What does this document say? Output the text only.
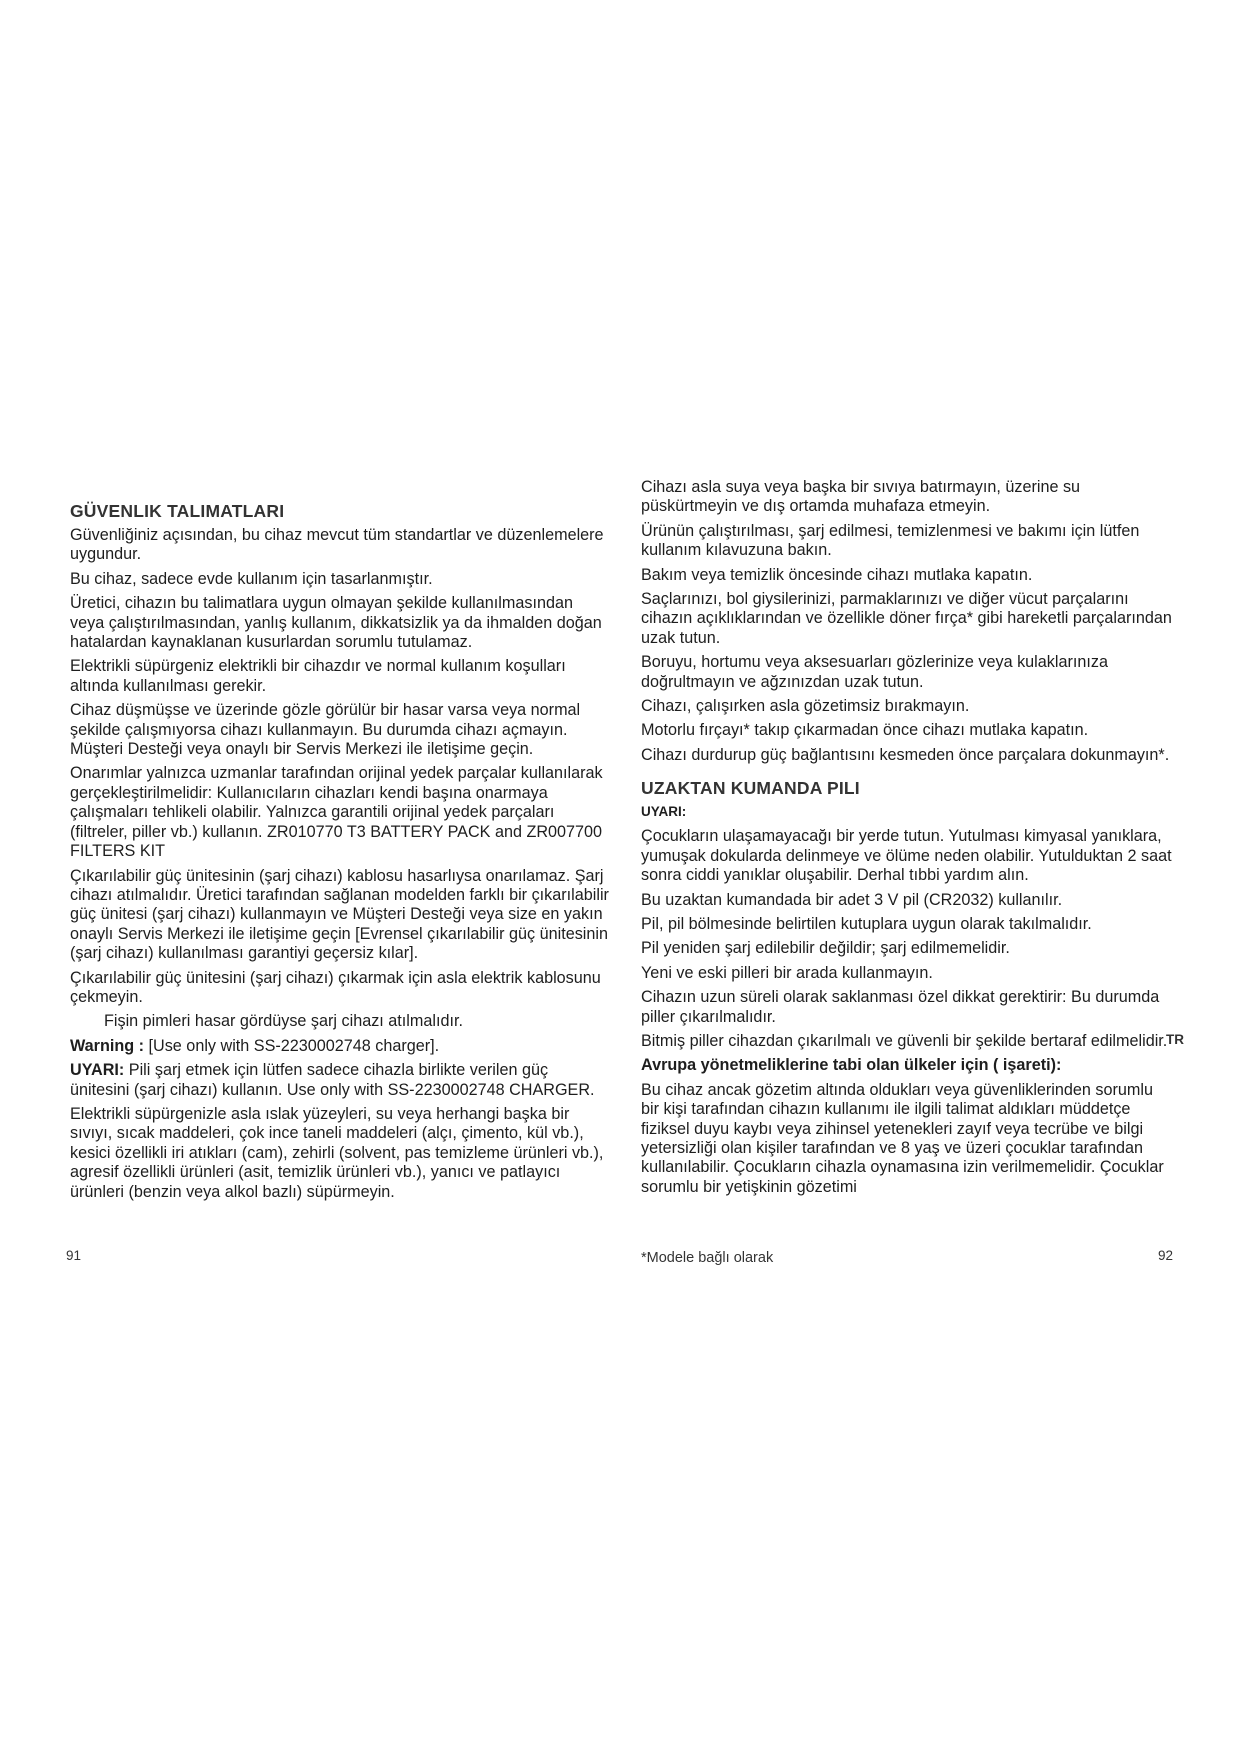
GÜVENLIK TALIMATLARI

Güvenliğiniz açısından, bu cihaz mevcut tüm standartlar ve düzenlemelere uygundur.

Bu cihaz, sadece evde kullanım için tasarlanmıştır.

Üretici, cihazın bu talimatlara uygun olmayan şekilde kullanılmasından veya çalıştırılmasından, yanlış kullanım, dikkatsizlik ya da ihmalden doğan hatalardan kaynaklanan kusurlardan sorumlu tutulamaz.

Elektrikli süpürgeniz elektrikli bir cihazdır ve normal kullanım koşulları altında kullanılması gerekir.

Cihaz düşmüşse ve üzerinde gözle görülür bir hasar varsa veya normal şekilde çalışmıyorsa cihazı kullanmayın. Bu durumda cihazı açmayın. Müşteri Desteği veya onaylı bir Servis Merkezi ile iletişime geçin.

Onarımlar yalnızca uzmanlar tarafından orijinal yedek parçalar kullanılarak gerçekleştirilmelidir: Kullanıcıların cihazları kendi başına onarmaya çalışmaları tehlikeli olabilir. Yalnızca garantili orijinal yedek parçaları (filtreler, piller vb.) kullanın. ZR010770 T3 BATTERY PACK and ZR007700 FILTERS KIT

Çıkarılabilir güç ünitesinin (şarj cihazı) kablosu hasarlıysa onarılamaz. Şarj cihazı atılmalıdır. Üretici tarafından sağlanan modelden farklı bir çıkarılabilir güç ünitesi (şarj cihazı) kullanmayın ve Müşteri Desteği veya size en yakın onaylı Servis Merkezi ile iletişime geçin [Evrensel çıkarılabilir güç ünitesinin (şarj cihazı) kullanılması garantiyi geçersiz kılar].

Çıkarılabilir güç ünitesini (şarj cihazı) çıkarmak için asla elektrik kablosunu çekmeyin.

Fişin pimleri hasar gördüyse şarj cihazı atılmalıdır.

Warning : [Use only with SS-2230002748 charger].

UYARI: Pili şarj etmek için lütfen sadece cihazla birlikte verilen güç ünitesini (şarj cihazı) kullanın. Use only with SS-2230002748 CHARGER.

Elektrikli süpürgenizle asla ıslak yüzeyleri, su veya herhangi başka bir sıvıyı, sıcak maddeleri, çok ince taneli maddeleri (alçı, çimento, kül vb.), kesici özellikli iri atıkları (cam), zehirli (solvent, pas temizleme ürünleri vb.), agresif özellikli ürünleri (asit, temizlik ürünleri vb.), yanıcı ve patlayıcı ürünleri (benzin veya alkol bazlı) süpürmeyin.

91

Cihazı asla suya veya başka bir sıvıya batırmayın, üzerine su püskürtmeyin ve dış ortamda muhafaza etmeyin.

Ürünün çalıştırılması, şarj edilmesi, temizlenmesi ve bakımı için lütfen kullanım kılavuzuna bakın.

Bakım veya temizlik öncesinde cihazı mutlaka kapatın.

Saçlarınızı, bol giysilerinizi, parmaklarınızı ve diğer vücut parçalarını cihazın açıklıklarından ve özellikle döner fırça* gibi hareketli parçalarından uzak tutun.

Boruyu, hortumu veya aksesuarları gözlerinize veya kulaklarınıza doğrultmayın ve ağzınızdan uzak tutun.

Cihazı, çalışırken asla gözetimsiz bırakmayın.

Motorlu fırçayı* takıp çıkarmadan önce cihazı mutlaka kapatın.

Cihazı durdurup güç bağlantısını kesmeden önce parçalara dokunmayın*.

UZAKTAN KUMANDA PILI
UYARI:

Çocukların ulaşamayacağı bir yerde tutun. Yutulması kimyasal yanıklara, yumuşak dokularda delinmeye ve ölüme neden olabilir. Yutulduktan 2 saat sonra ciddi yanıklar oluşabilir. Derhal tıbbi yardım alın.

Bu uzaktan kumandada bir adet 3 V pil (CR2032) kullanılır.

Pil, pil bölmesinde belirtilen kutuplara uygun olarak takılmalıdır.

Pil yeniden şarj edilebilir değildir; şarj edilmemelidir.

Yeni ve eski pilleri bir arada kullanmayın.

Cihazın uzun süreli olarak saklanması özel dikkat gerektirir: Bu durumda piller çıkarılmalıdır.

Bitmiş piller cihazdan çıkarılmalı ve güvenli bir şekilde bertaraf edilmelidir.

Avrupa yönetmeliklerine tabi olan ülkeler için ( işareti):

Bu cihaz ancak gözetim altında oldukları veya güvenliklerinden sorumlu bir kişi tarafından cihazın kullanımı ile ilgili talimat aldıkları müddetçe fiziksel duyu kaybı veya zihinsel yetenekleri zayıf veya tecrübe ve bilgi yetersizliği olan kişiler tarafından ve 8 yaş ve üzeri çocuklar tarafından kullanılabilir. Çocukların cihazla oynamasına izin verilmemelidir. Çocuklar sorumlu bir yetişkinin gözetimi

TR
*Modele bağlı olarak	92
